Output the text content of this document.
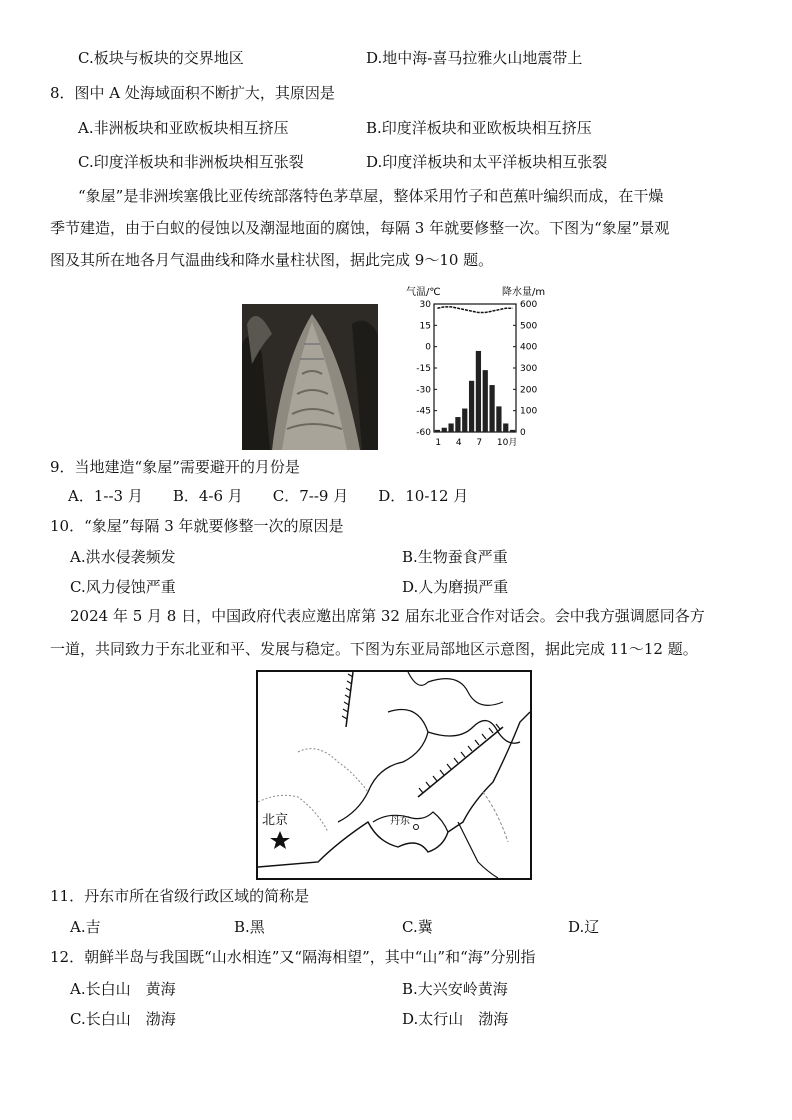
C.板块与板块的交界地区	D.地中海-喜马拉雅火山地震带上
8．图中 A 处海域面积不断扩大，其原因是
A.非洲板块和亚欧板块相互挤压	B.印度洋板块和亚欧板块相互挤压
C.印度洋板块和非洲板块相互张裂	D.印度洋板块和太平洋板块相互张裂
“象屋”是非洲埃塞俄比亚传统部落特色茅草屋，整体采用竹子和芭蕉叶编织而成，在干燥
季节建造，由于白蚁的侵蚀以及潮湿地面的腐蚀，每隔 3 年就要修整一次。下图为“象屋”景观
图及其所在地各月气温曲线和降水量柱状图，据此完成 9～10 题。
气温/℃	降水量/m
30
15
0
-15
-30
-45
-60
600
500
400
300
200
100
0
1 4 7 10月
9．当地建造“象屋”需要避开的月份是
A．1--3 月　　B．4-6 月　　C．7--9 月　　D．10-12 月
10．“象屋”每隔 3 年就要修整一次的原因是
A.洪水侵袭频发	B.生物蚕食严重
C.风力侵蚀严重	D.人为磨损严重
2024 年 5 月 8 日，中国政府代表应邀出席第 32 届东北亚合作对话会。会中我方强调愿同各方
一道，共同致力于东北亚和平、发展与稳定。下图为东亚局部地区示意图，据此完成 11～12 题。
北京	丹东
11．丹东市所在省级行政区域的简称是
A.吉	B.黑	C.冀	D.辽
12．朝鲜半岛与我国既“山水相连”又“隔海相望”，其中“山”和“海”分别指
A.长白山　黄海	B.大兴安岭黄海
C.长白山　渤海	D.太行山　渤海
